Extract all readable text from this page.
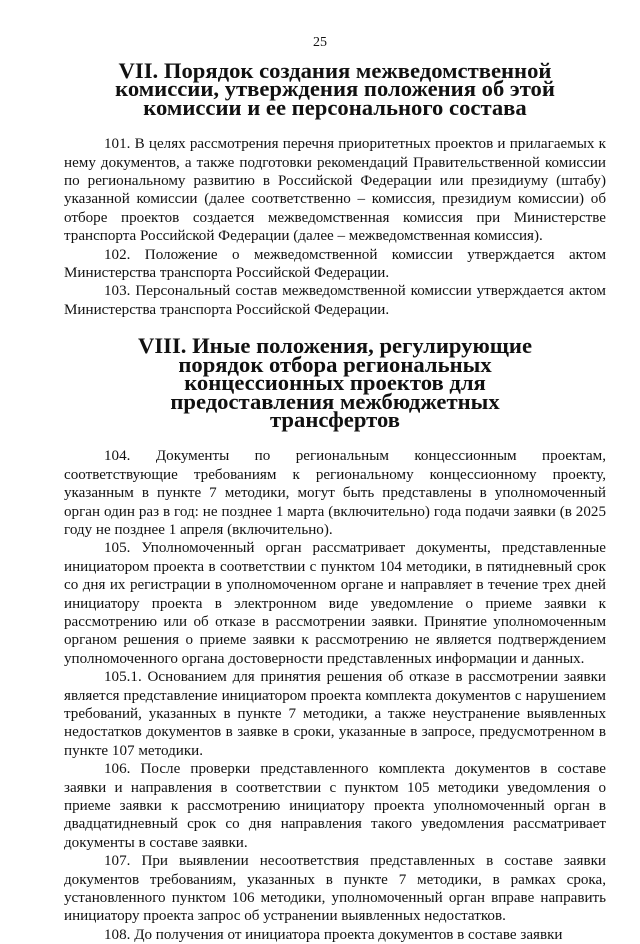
25
VII. Порядок создания межведомственной комиссии, утверждения положения об этой комиссии и ее персонального состава

101. В целях рассмотрения перечня приоритетных проектов и прилагаемых к нему документов, а также подготовки рекомендаций Правительственной комиссии по региональному развитию в Российской Федерации или президиуму (штабу) указанной комиссии (далее соответственно – комиссия, президиум комиссии) об отборе проектов создается межведомственная комиссия при Министерстве транспорта Российской Федерации (далее – межведомственная комиссия).

102. Положение о межведомственной комиссии утверждается актом Министерства транспорта Российской Федерации.

103. Персональный состав межведомственной комиссии утверждается актом Министерства транспорта Российской Федерации.

VIII. Иные положения, регулирующие порядок отбора региональных концессионных проектов для предоставления межбюджетных трансфертов

104. Документы по региональным концессионным проектам, соответствующие требованиям к региональному концессионному проекту, указанным в пункте 7 методики, могут быть представлены в уполномоченный орган один раз в год: не позднее 1 марта (включительно) года подачи заявки (в 2025 году не позднее 1 апреля (включительно).

105. Уполномоченный орган рассматривает документы, представленные инициатором проекта в соответствии с пунктом 104 методики, в пятидневный срок со дня их регистрации в уполномоченном органе и направляет в течение трех дней инициатору проекта в электронном виде уведомление о приеме заявки к рассмотрению или об отказе в рассмотрении заявки. Принятие уполномоченным органом решения о приеме заявки к рассмотрению не является подтверждением уполномоченного органа достоверности представленных информации и данных.

105.1. Основанием для принятия решения об отказе в рассмотрении заявки является представление инициатором проекта комплекта документов с нарушением требований, указанных в пункте 7 методики, а также неустранение выявленных недостатков документов в заявке в сроки, указанные в запросе, предусмотренном в пункте 107 методики.

106. После проверки представленного комплекта документов в составе заявки и направления в соответствии с пунктом 105 методики уведомления о приеме заявки к рассмотрению инициатору проекта уполномоченный орган в двадцатидневный срок со дня направления такого уведомления рассматривает документы в составе заявки.

107. При выявлении несоответствия представленных в составе заявки документов требованиям, указанных в пункте 7 методики, в рамках срока, установленного пунктом 106 методики, уполномоченный орган вправе направить инициатору проекта запрос об устранении выявленных недостатков.

108. До получения от инициатора проекта документов в составе заявки
